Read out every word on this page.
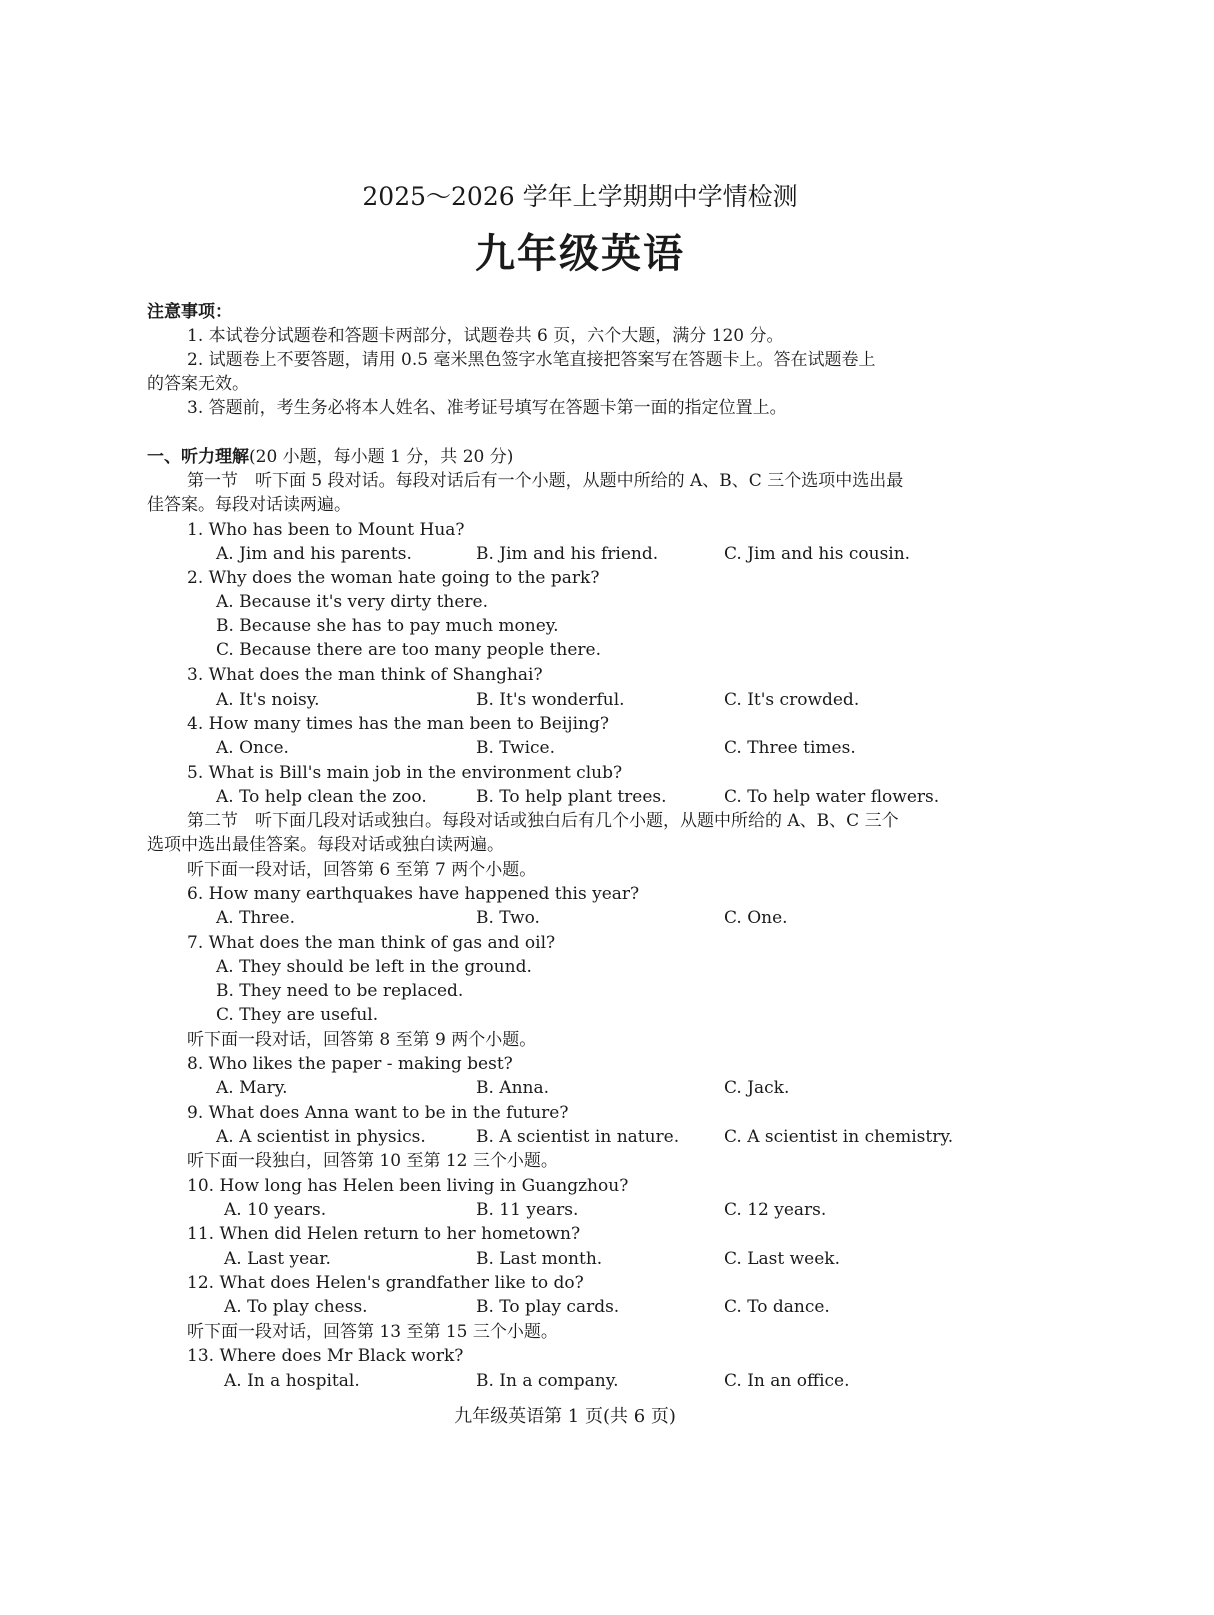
2025～2026 学年上学期期中学情检测
九年级英语
注意事项：
1. 本试卷分试题卷和答题卡两部分，试题卷共 6 页，六个大题，满分 120 分。
2. 试题卷上不要答题，请用 0.5 毫米黑色签字水笔直接把答案写在答题卡上。答在试题卷上
的答案无效。
3. 答题前，考生务必将本人姓名、准考证号填写在答题卡第一面的指定位置上。
一、听力理解(20 小题，每小题 1 分，共 20 分)
第一节　听下面 5 段对话。每段对话后有一个小题，从题中所给的 A、B、C 三个选项中选出最
佳答案。每段对话读两遍。
1. Who has been to Mount Hua?
A. Jim and his parents.	B. Jim and his friend.	C. Jim and his cousin.
2. Why does the woman hate going to the park?
A. Because it's very dirty there.
B. Because she has to pay much money.
C. Because there are too many people there.
3. What does the man think of Shanghai?
A. It's noisy.	B. It's wonderful.	C. It's crowded.
4. How many times has the man been to Beijing?
A. Once.	B. Twice.	C. Three times.
5. What is Bill's main job in the environment club?
A. To help clean the zoo.	B. To help plant trees.	C. To help water flowers.
第二节　听下面几段对话或独白。每段对话或独白后有几个小题，从题中所给的 A、B、C 三个
选项中选出最佳答案。每段对话或独白读两遍。
听下面一段对话，回答第 6 至第 7 两个小题。
6. How many earthquakes have happened this year?
A. Three.	B. Two.	C. One.
7. What does the man think of gas and oil?
A. They should be left in the ground.
B. They need to be replaced.
C. They are useful.
听下面一段对话，回答第 8 至第 9 两个小题。
8. Who likes the paper - making best?
A. Mary.	B. Anna.	C. Jack.
9. What does Anna want to be in the future?
A. A scientist in physics.	B. A scientist in nature.	C. A scientist in chemistry.
听下面一段独白，回答第 10 至第 12 三个小题。
10. How long has Helen been living in Guangzhou?
A. 10 years.	B. 11 years.	C. 12 years.
11. When did Helen return to her hometown?
A. Last year.	B. Last month.	C. Last week.
12. What does Helen's grandfather like to do?
A. To play chess.	B. To play cards.	C. To dance.
听下面一段对话，回答第 13 至第 15 三个小题。
13. Where does Mr Black work?
A. In a hospital.	B. In a company.	C. In an office.
九年级英语第 1 页(共 6 页)
